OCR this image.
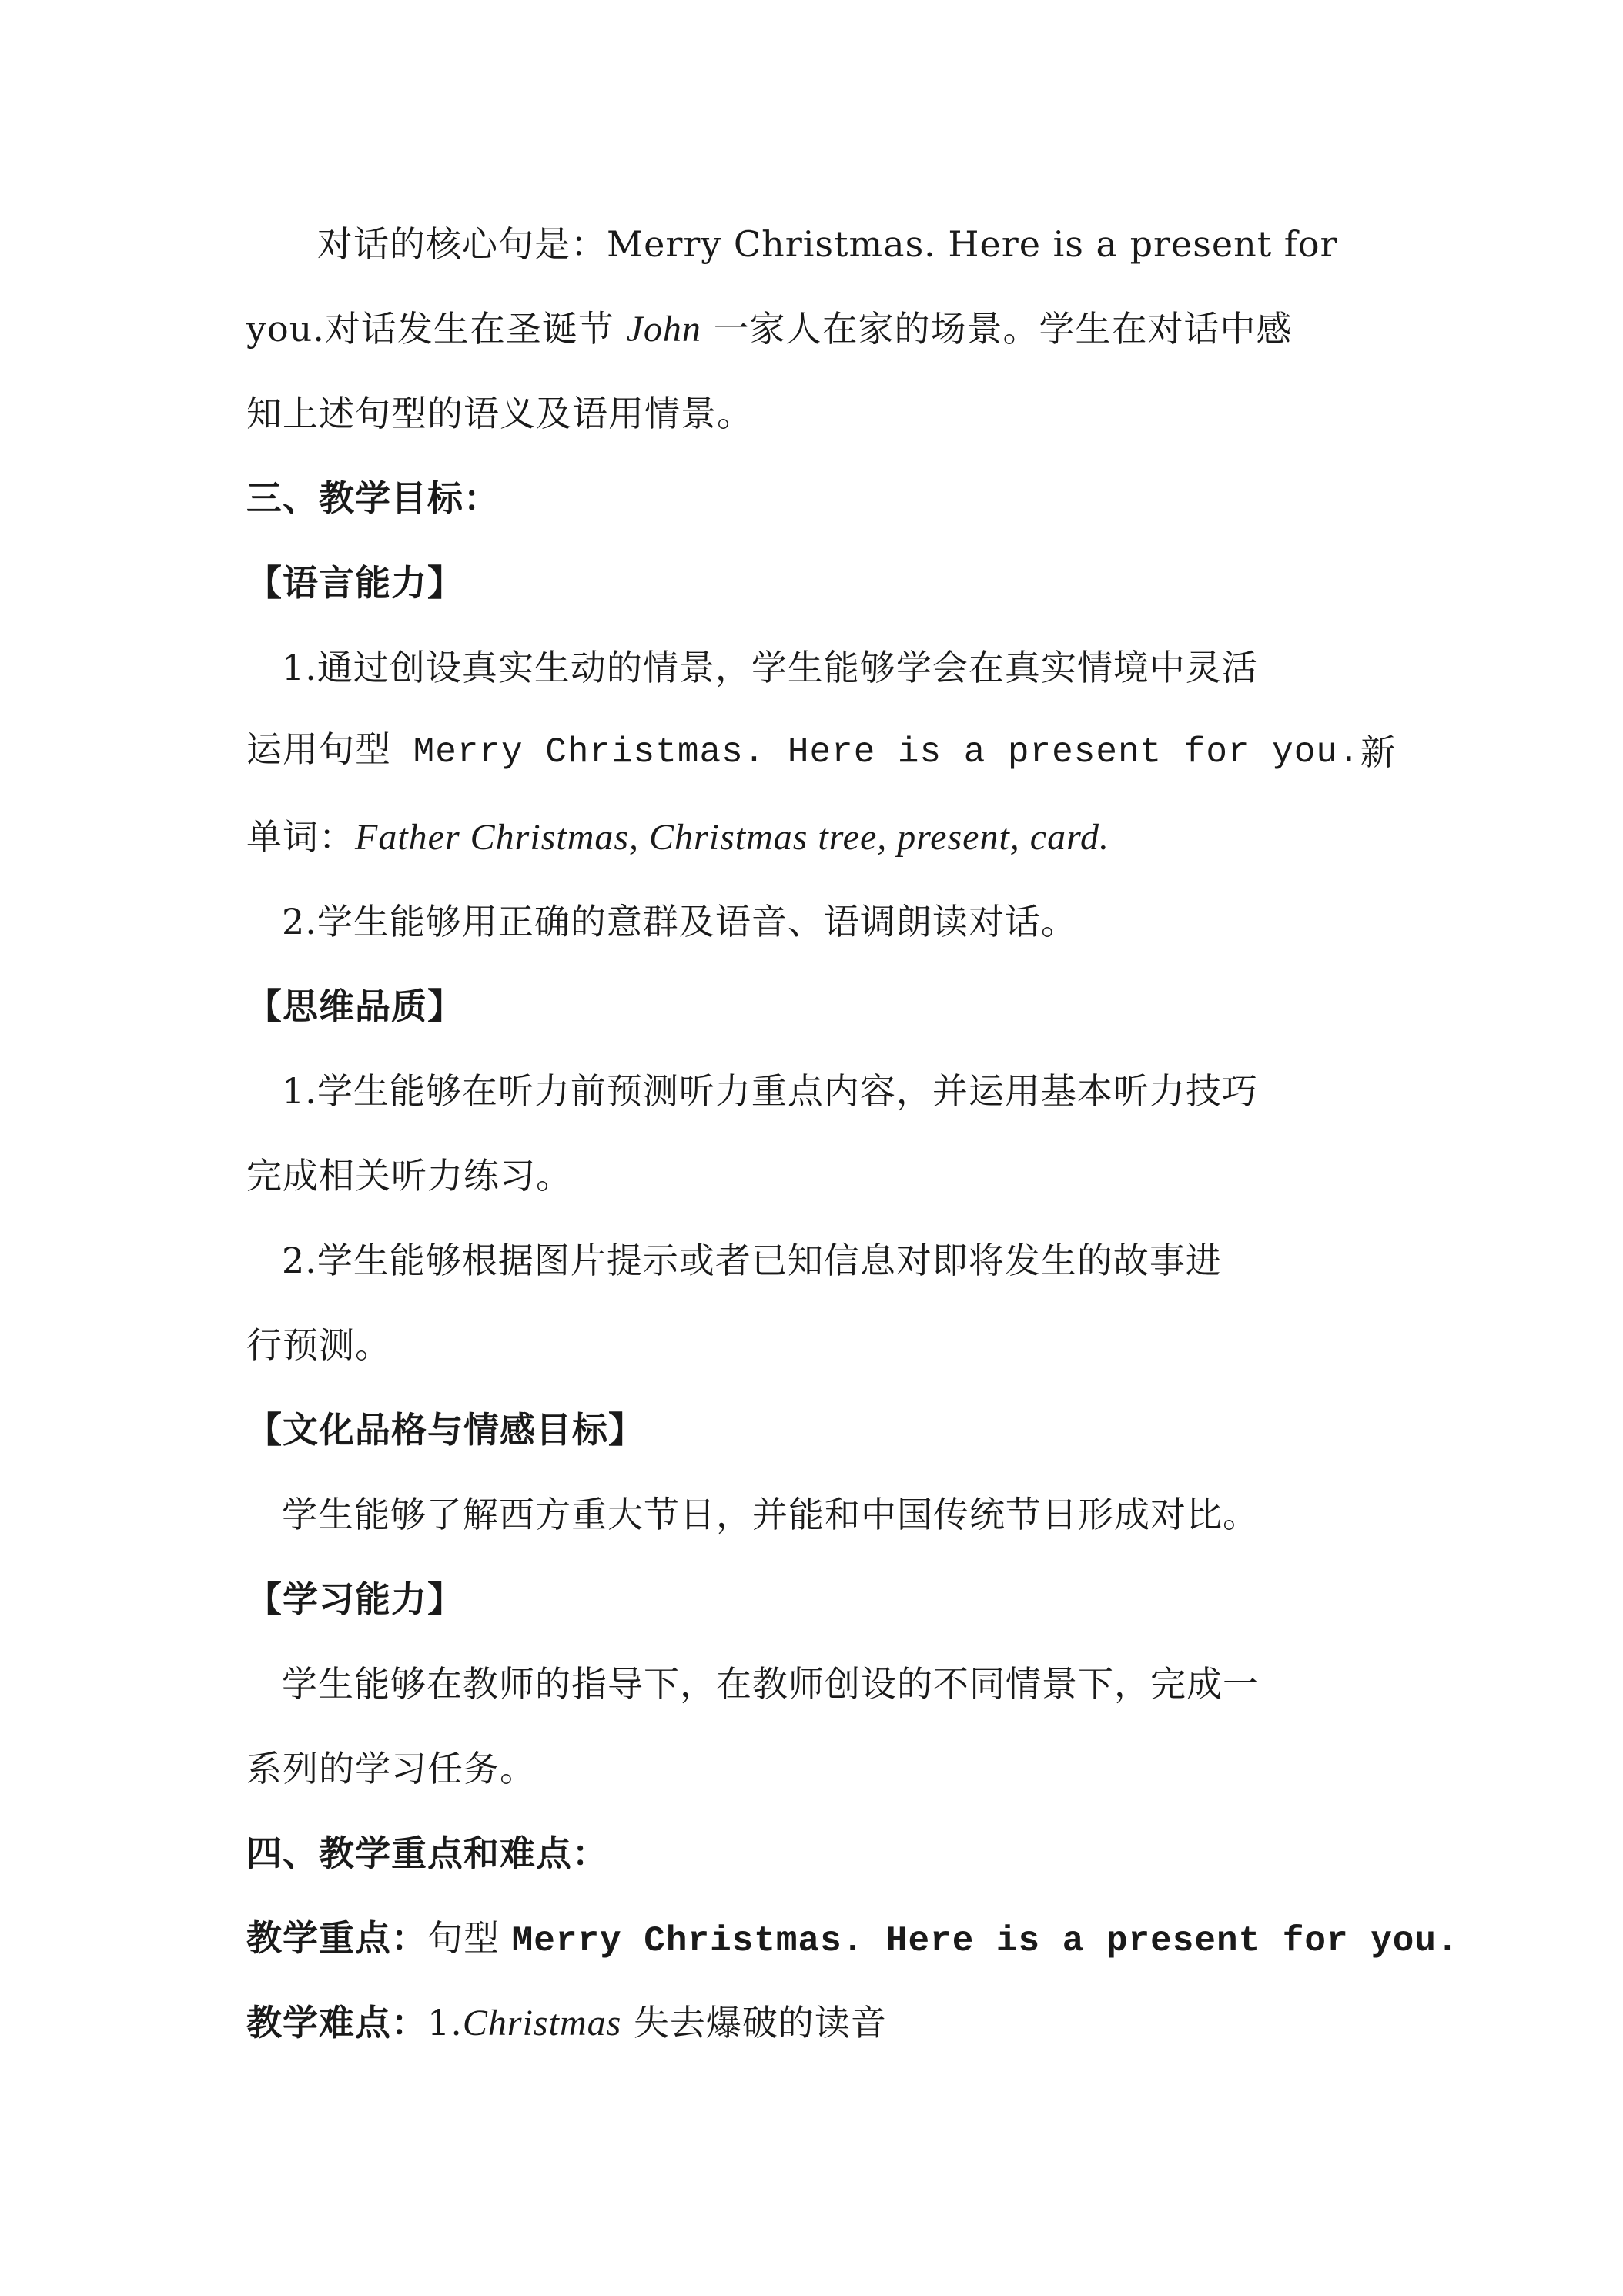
对话的核心句是：Merry Christmas. Here is a present for
you.对话发生在圣诞节 John 一家人在家的场景。学生在对话中感
知上述句型的语义及语用情景。
三、教学目标：
【语言能力】
1.通过创设真实生动的情景，学生能够学会在真实情境中灵活
运用句型 Merry Christmas. Here is a present for you. 新
单词：Father Christmas, Christmas tree, present, card.
2.学生能够用正确的意群及语音、语调朗读对话。
【思维品质】
1.学生能够在听力前预测听力重点内容，并运用基本听力技巧
完成相关听力练习。
2.学生能够根据图片提示或者已知信息对即将发生的故事进
行预测。
【文化品格与情感目标】
学生能够了解西方重大节日，并能和中国传统节日形成对比。
【学习能力】
学生能够在教师的指导下，在教师创设的不同情景下，完成一
系列的学习任务。
四、教学重点和难点：
教学重点：句型 Merry Christmas. Here is a present for you.
教学难点：1.Christmas 失去爆破的读音
